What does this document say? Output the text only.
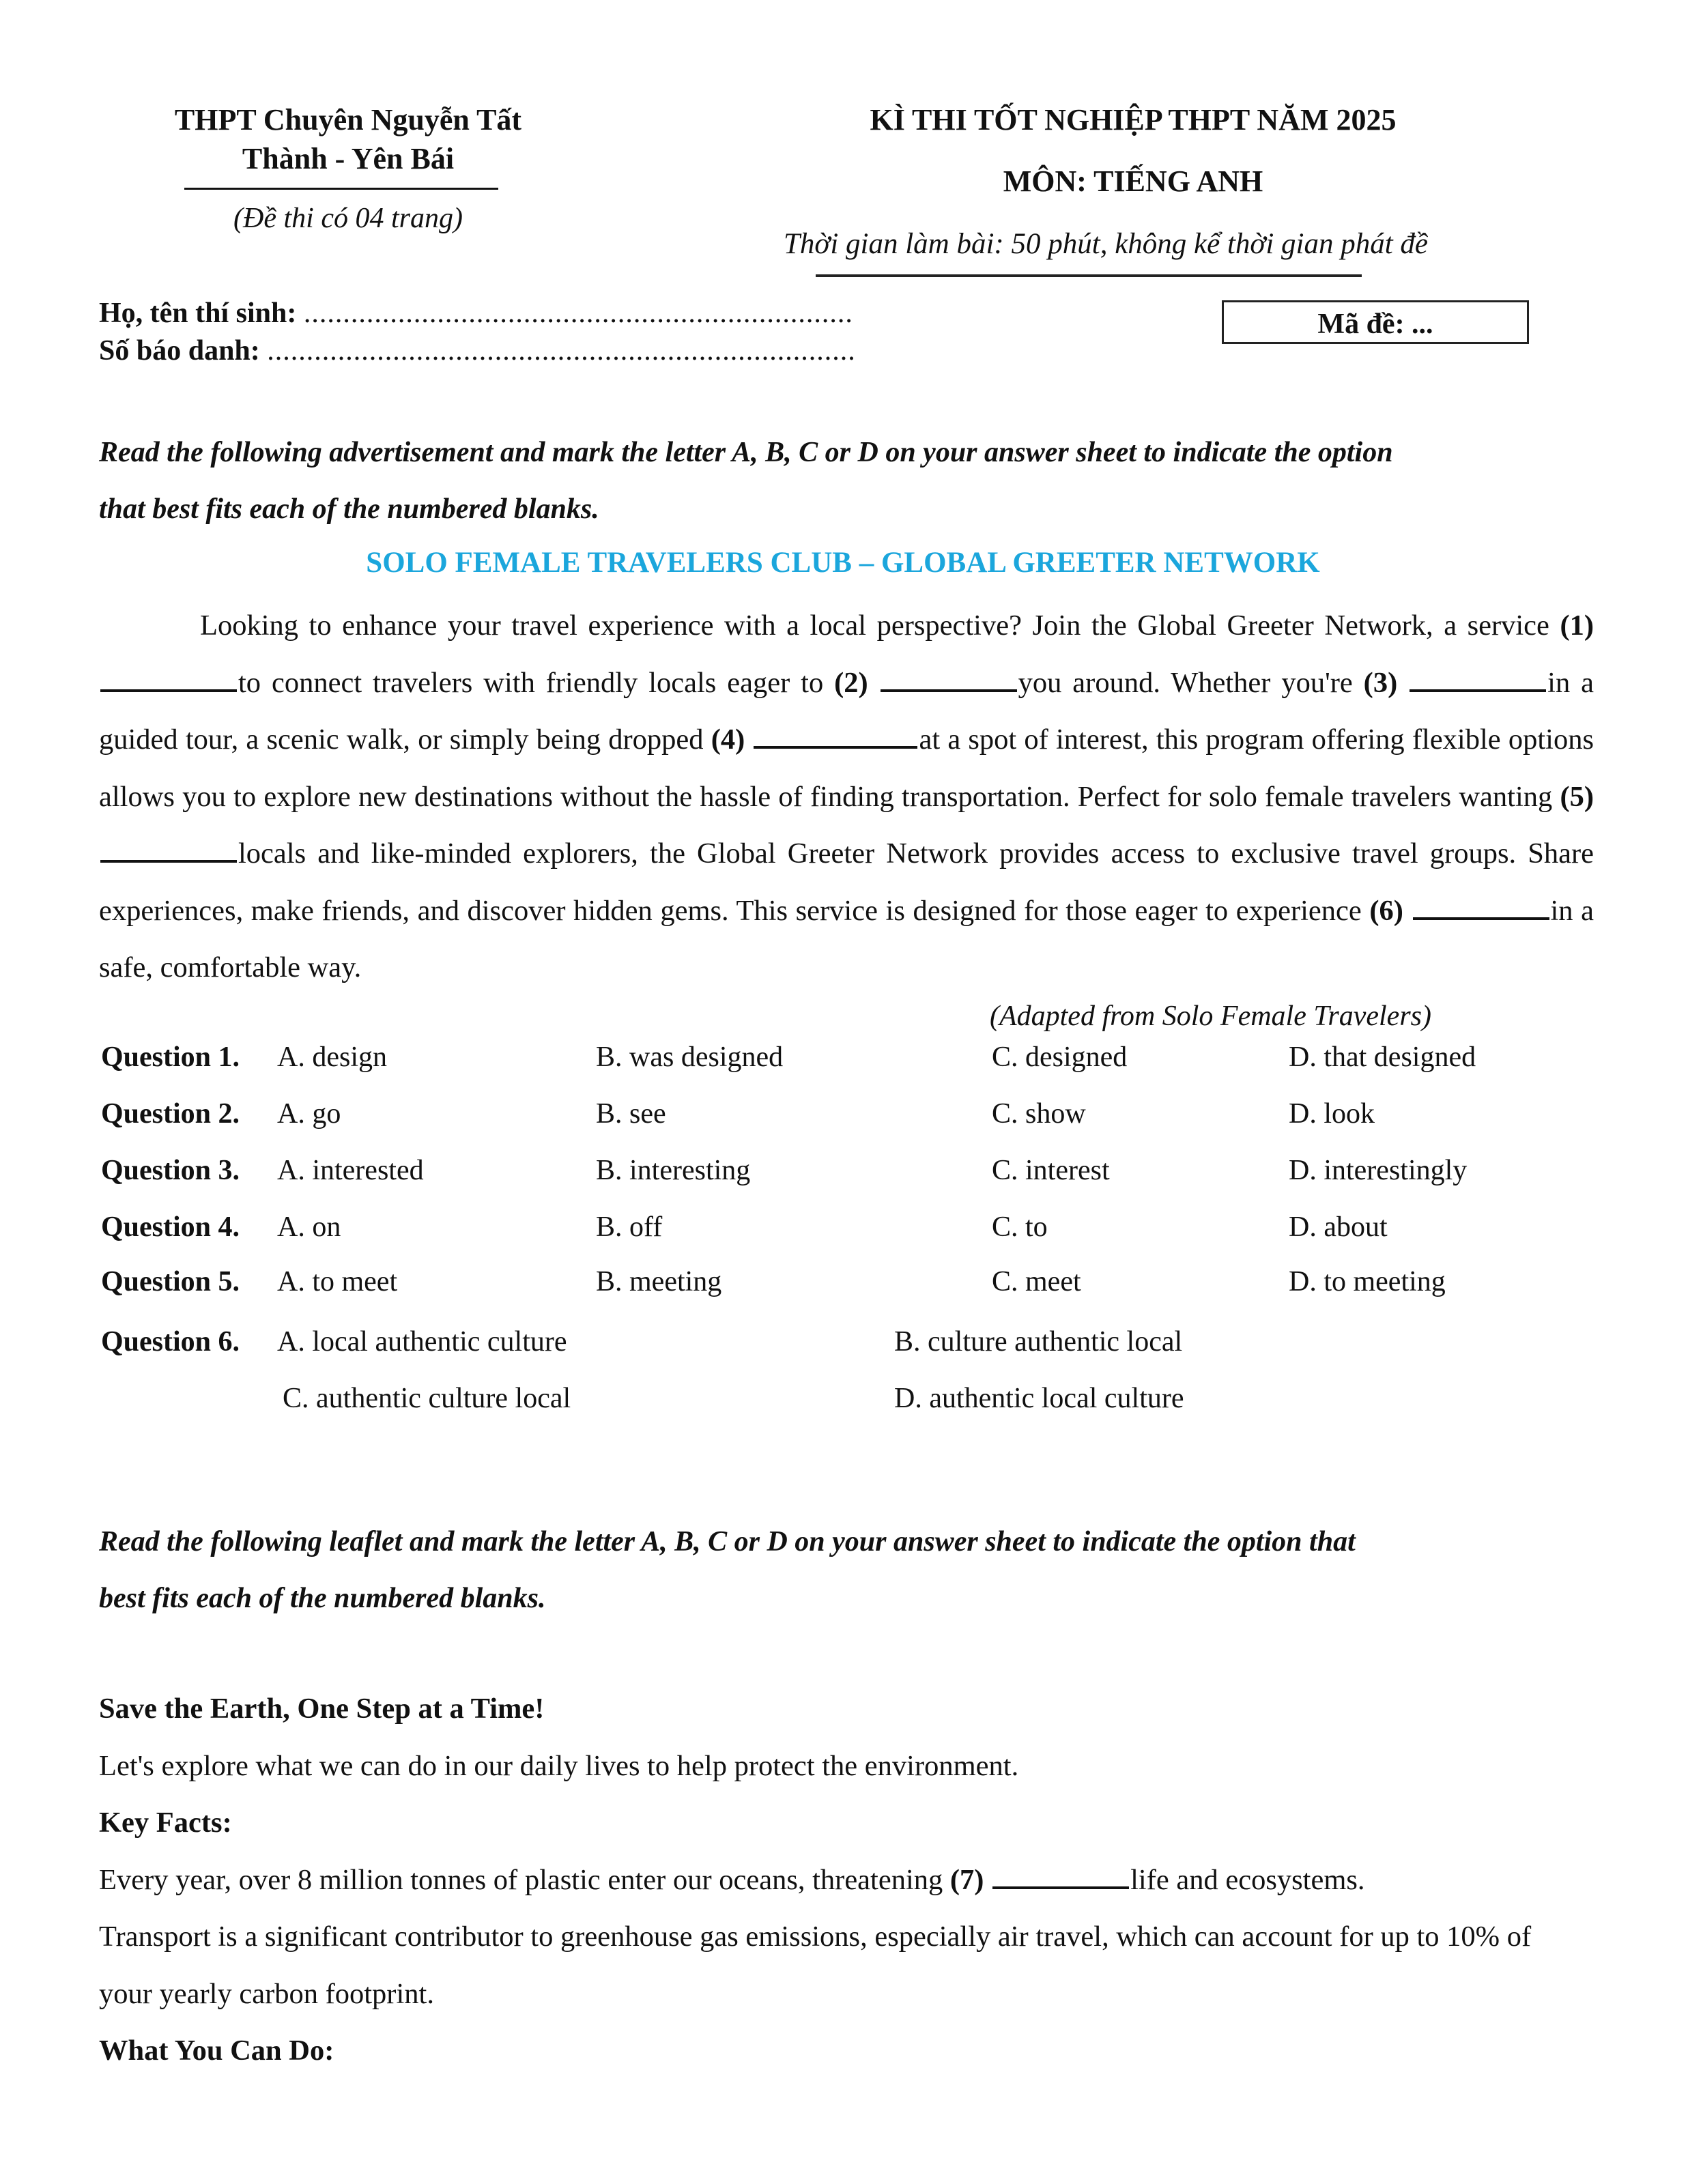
THPT Chuyên Nguyễn Tất
Thành - Yên Bái
(Đề thi có 04 trang)
KÌ THI TỐT NGHIỆP THPT NĂM 2025
MÔN: TIẾNG ANH
Thời gian làm bài: 50 phút, không kể thời gian phát đề
Họ, tên thí sinh: ......................................................................
Số báo danh: ...........................................................................
Mã đề: ...
Read the following advertisement and mark the letter A, B, C or D on your answer sheet to indicate the option
that best fits each of the numbered blanks.
SOLO FEMALE TRAVELERS CLUB – GLOBAL GREETER NETWORK

Looking to enhance your travel experience with a local perspective? Join the Global Greeter Network, a service (1) to connect travelers with friendly locals eager to (2)	you around. Whether you're (3)	in a guided tour, a scenic walk, or simply being dropped (4)	at a spot of interest, this program offering flexible options allows you to explore new destinations without the hassle of finding transportation. Perfect for solo female travelers wanting (5) locals and like-minded explorers, the Global Greeter Network provides access to exclusive travel groups. Share experiences, make friends, and discover hidden gems. This service is designed for those eager to experience (6)	in a safe, comfortable way.

(Adapted from Solo Female Travelers)
Question 1. A. design	B. was designed	C. designed	D. that designed
Question 2. A. go	B. see	C. show	D. look
Question 3. A. interested	B. interesting	C. interest	D. interestingly
Question 4. A. on	B. off	C. to	D. about
Question 5. A. to meet	B. meeting	C. meet	D. to meeting
Question 6. A. local authentic culture	B. culture authentic local
C. authentic culture local	D. authentic local culture
Read the following leaflet and mark the letter A, B, C or D on your answer sheet to indicate the option that
best fits each of the numbered blanks.

Save the Earth, One Step at a Time!

Let's explore what we can do in our daily lives to help protect the environment.

Key Facts:

Every year, over 8 million tonnes of plastic enter our oceans, threatening (7)	life and ecosystems.

Transport is a significant contributor to greenhouse gas emissions, especially air travel, which can account for up to 10% of your yearly carbon footprint.

What You Can Do:
